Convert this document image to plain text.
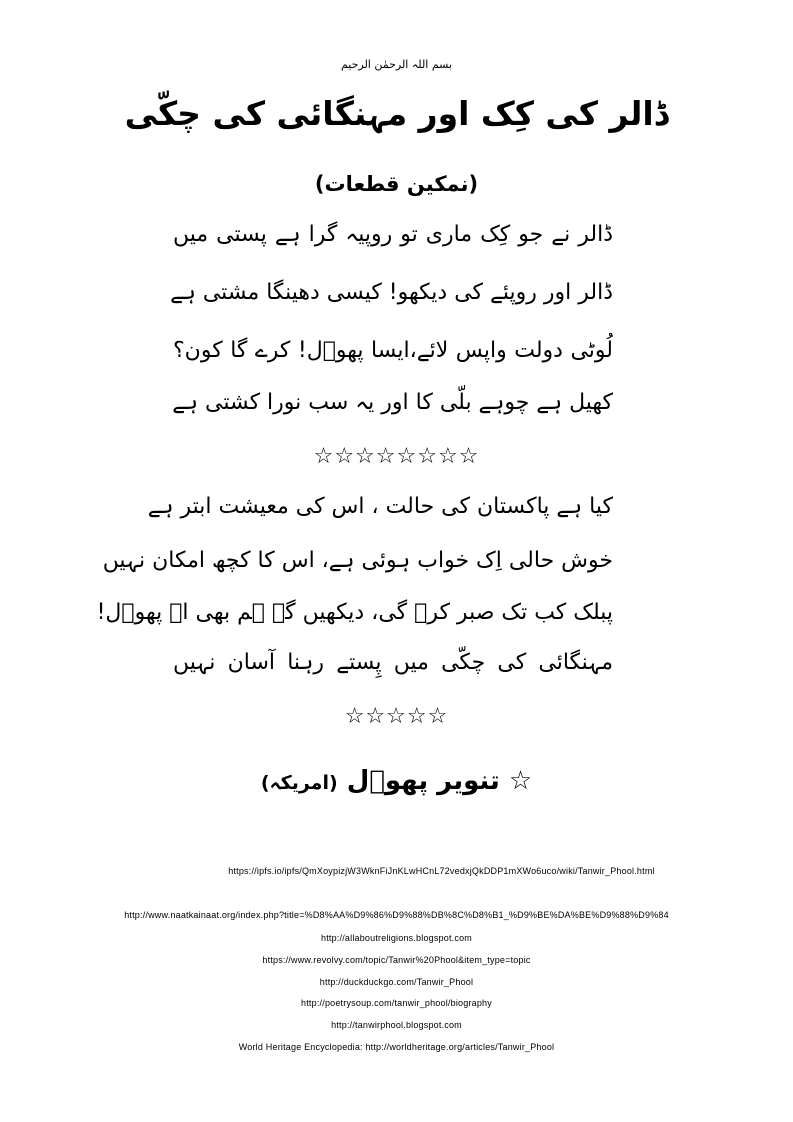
بسم اللہ الرحمٰن الرحیم
ڈالر کی کِک اور مہنگائی کی چکّی
(نمکین قطعات)
ڈالر نے جو کِک ماری تو روپیہ گرا ہے پستی میں
ڈالر اور روپئے کی دیکھو! کیسی دھینگا مشتی ہے
لُوٹی دولت واپس لائے،ایسا پھوؔل! کرے گا کون؟
کھیل ہے چوہے بلّی کا اور یہ سب نورا کشتی ہے
☆☆☆☆☆☆☆☆
کیا ہے پاکستان کی حالت ، اس کی معیشت ابتر ہے
خوش حالی اِک خواب ہوئی ہے، اس کا کچھ امکان نہیں
پبلک کب تک صبر کرے گی، دیکھیں گے ہم بھی اے پھوؔل!
مہنگائی کی چکّی میں پِستے رہنا آسان نہیں
☆☆☆☆☆
☆ تنویر پھوؔل (امریکہ)
https://ipfs.io/ipfs/QmXoypizjW3WknFiJnKLwHCnL72vedxjQkDDP1mXWo6uco/wiki/Tanwir_Phool.html
http://www.naatkainaat.org/index.php?title=%D8%AA%D9%86%D9%88%DB%8C%D8%B1_%D9%BE%DA%BE%D9%88%D9%84
http://allaboutreligions.blogspot.com
https://www.revolvy.com/topic/Tanwir%20Phool&item_type=topic
http://duckduckgo.com/Tanwir_Phool
http://poetrysoup.com/tanwir_phool/biography
http://tanwirphool.blogspot.com
World Heritage Encyclopedia: http://worldheritage.org/articles/Tanwir_Phool
